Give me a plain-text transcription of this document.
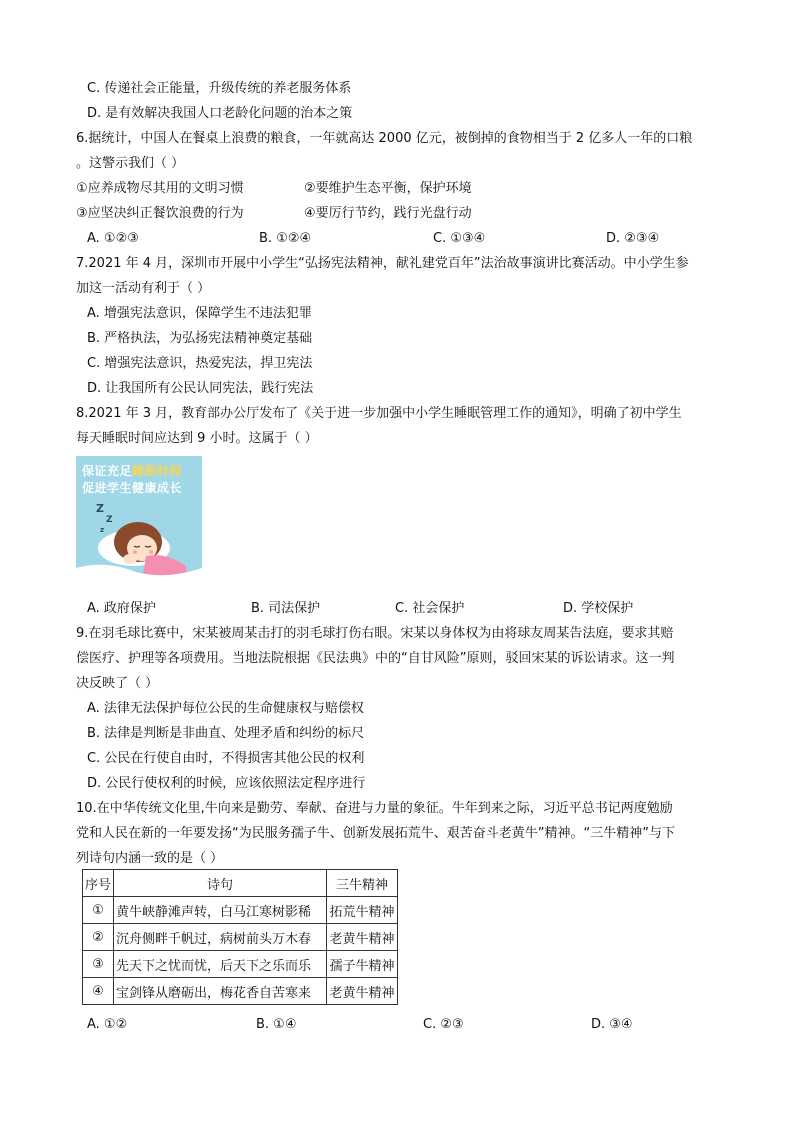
C. 传递社会正能量，升级传统的养老服务体系
D. 是有效解决我国人口老龄化问题的治本之策
6.据统计，中国人在餐桌上浪费的粮食，一年就高达 2000 亿元，被倒掉的食物相当于 2 亿多人一年的口粮
。这警示我们（ ）
①应养成物尽其用的文明习惯	②要维护生态平衡，保护环境
③应坚决纠正餐饮浪费的行为	④要厉行节约，践行光盘行动
A. ①②③	B. ①②④	C. ①③④	D. ②③④
7.2021 年 4 月，深圳市开展中小学生“弘扬宪法精神，献礼建党百年”法治故事演讲比赛活动。中小学生参
加这一活动有利于（ ）
A. 增强宪法意识，保障学生不违法犯罪
B. 严格执法，为弘扬宪法精神奠定基础
C. 增强宪法意识，热爱宪法，捍卫宪法
D. 让我国所有公民认同宪法，践行宪法
8.2021 年 3 月，教育部办公厅发布了《关于进一步加强中小学生睡眠管理工作的通知》，明确了初中学生
每天睡眠时间应达到 9 小时。这属于（ ）
保证充足睡眠时间
促进学生健康成长
Z
Z
z
A. 政府保护	B. 司法保护	C. 社会保护	D. 学校保护
9.在羽毛球比赛中，宋某被周某击打的羽毛球打伤右眼。宋某以身体权为由将球友周某告法庭，要求其赔
偿医疗、护理等各项费用。当地法院根据《民法典》中的“自甘风险”原则，驳回宋某的诉讼请求。这一判
决反映了（ ）
A. 法律无法保护每位公民的生命健康权与赔偿权
B. 法律是判断是非曲直、处理矛盾和纠纷的标尺
C. 公民在行使自由时，不得损害其他公民的权利
D. 公民行使权利的时候，应该依照法定程序进行
10.在中华传统文化里,牛向来是勤劳、奉献、奋进与力量的象征。牛年到来之际，习近平总书记两度勉励
党和人民在新的一年要发扬“为民服务孺子牛、创新发展拓荒牛、艰苦奋斗老黄牛”精神。“三牛精神”与下
列诗句内涵一致的是（ ）
序号	诗句	三牛精神
①	黄牛峡静滩声转，白马江寒树影稀	拓荒牛精神
②	沉舟侧畔千帆过，病树前头万木春	老黄牛精神
③	先天下之忧而忧，后天下之乐而乐	孺子牛精神
④	宝剑锋从磨砺出，梅花香自苦寒来	老黄牛精神
A. ①②	B. ①④	C. ②③	D. ③④
